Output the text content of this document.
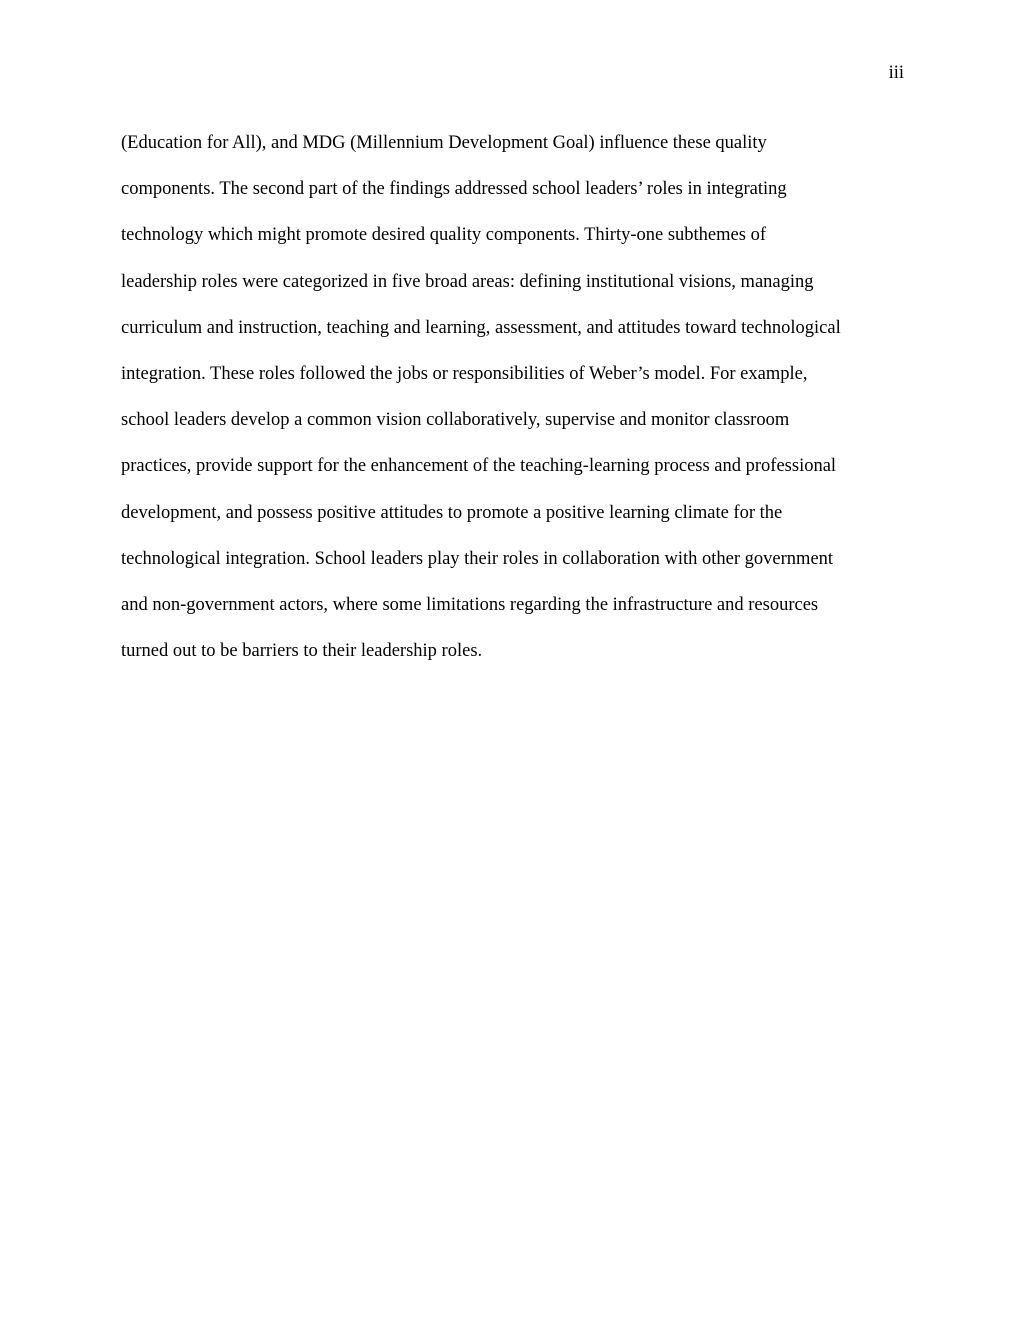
iii

(Education for All), and MDG (Millennium Development Goal) influence these quality
components. The second part of the findings addressed school leaders’ roles in integrating
technology which might promote desired quality components. Thirty-one subthemes of
leadership roles were categorized in five broad areas: defining institutional visions, managing
curriculum and instruction, teaching and learning, assessment, and attitudes toward technological
integration. These roles followed the jobs or responsibilities of Weber’s model. For example,
school leaders develop a common vision collaboratively, supervise and monitor classroom
practices, provide support for the enhancement of the teaching-learning process and professional
development, and possess positive attitudes to promote a positive learning climate for the
technological integration. School leaders play their roles in collaboration with other government
and non-government actors, where some limitations regarding the infrastructure and resources
turned out to be barriers to their leadership roles.
